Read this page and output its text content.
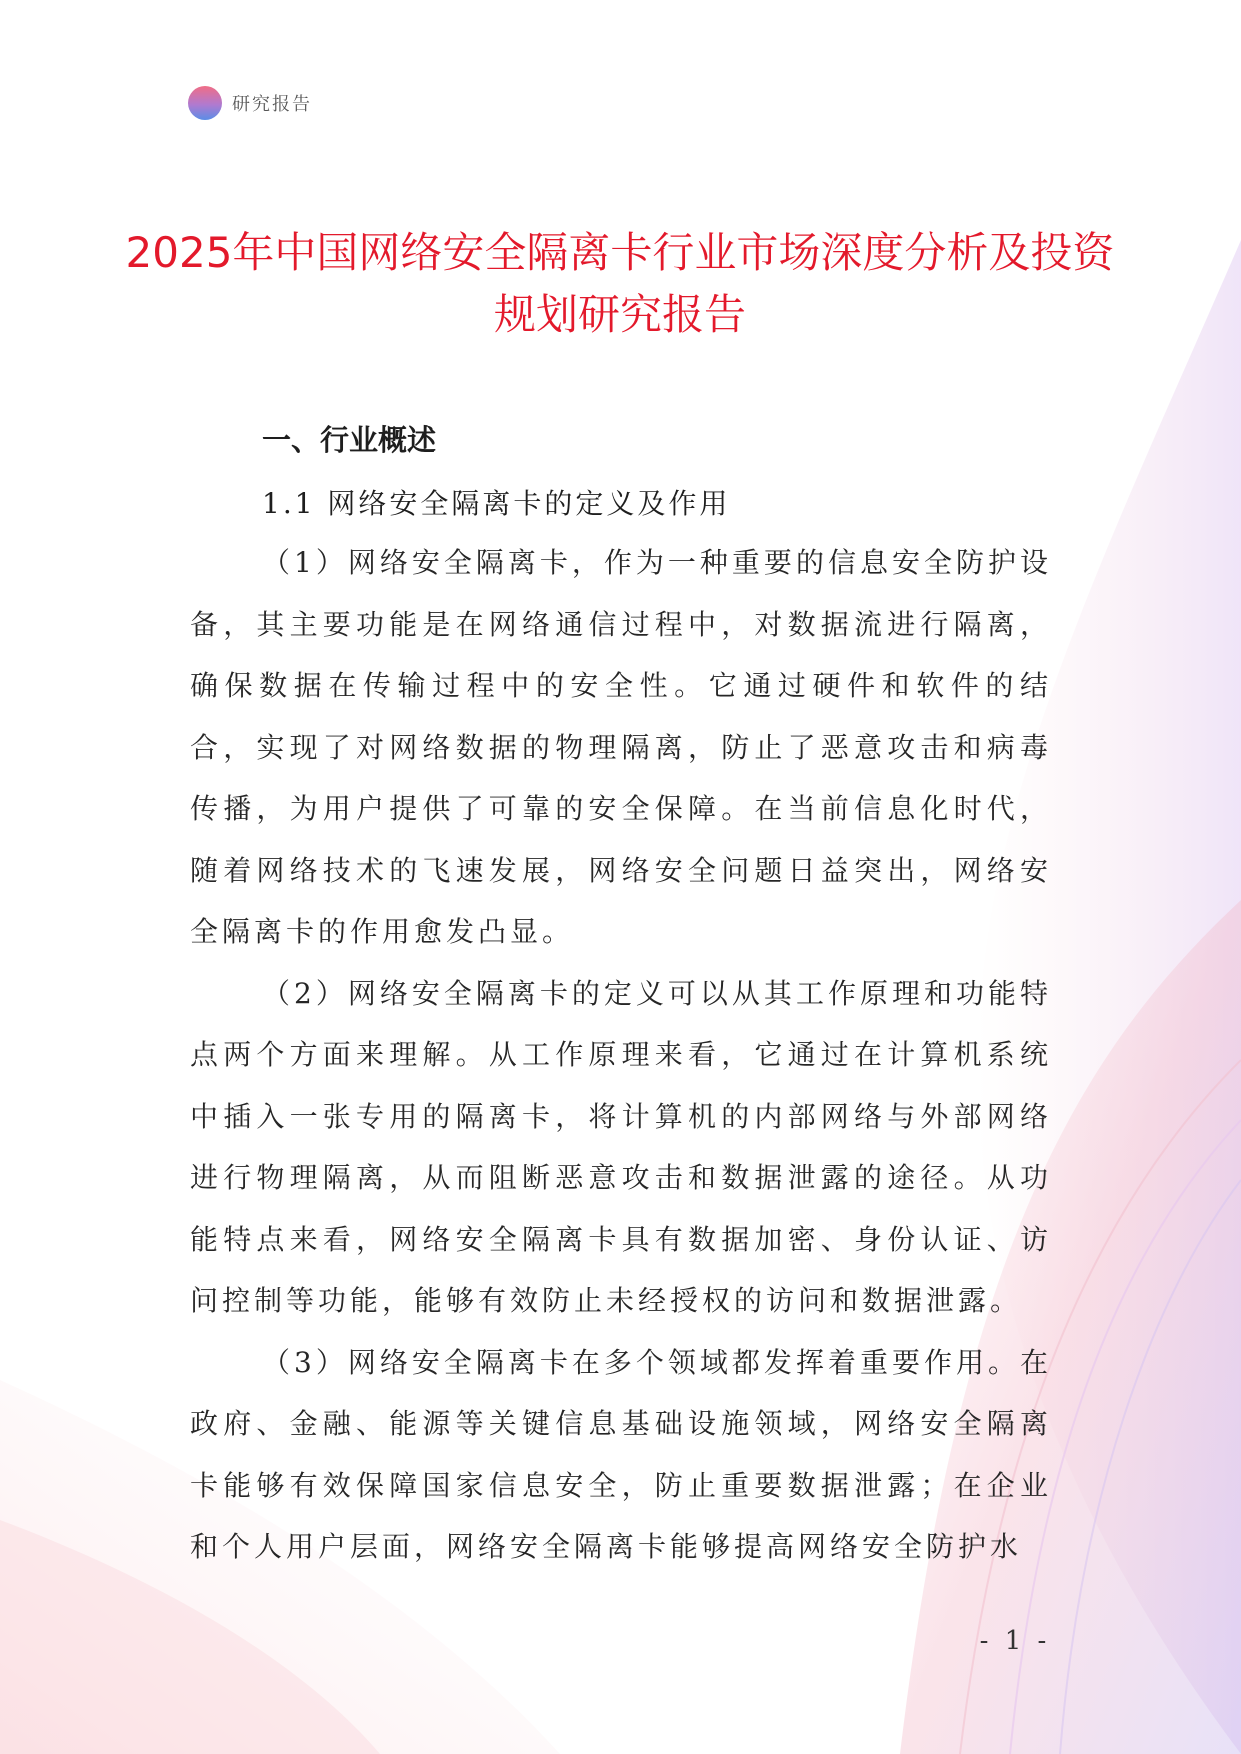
研究报告
2025年中国网络安全隔离卡行业市场深度分析及投资规划研究报告
一、行业概述
1.1 网络安全隔离卡的定义及作用

（1）网络安全隔离卡，作为一种重要的信息安全防护设备，其主要功能是在网络通信过程中，对数据流进行隔离，确保数据在传输过程中的安全性。它通过硬件和软件的结合，实现了对网络数据的物理隔离，防止了恶意攻击和病毒传播，为用户提供了可靠的安全保障。在当前信息化时代，随着网络技术的飞速发展，网络安全问题日益突出，网络安全隔离卡的作用愈发凸显。

（2）网络安全隔离卡的定义可以从其工作原理和功能特点两个方面来理解。从工作原理来看，它通过在计算机系统中插入一张专用的隔离卡，将计算机的内部网络与外部网络进行物理隔离，从而阻断恶意攻击和数据泄露的途径。从功能特点来看，网络安全隔离卡具有数据加密、身份认证、访问控制等功能，能够有效防止未经授权的访问和数据泄露。

（3）网络安全隔离卡在多个领域都发挥着重要作用。在政府、金融、能源等关键信息基础设施领域，网络安全隔离卡能够有效保障国家信息安全，防止重要数据泄露；在企业和个人用户层面，网络安全隔离卡能够提高网络安全防护水

- 1 -
